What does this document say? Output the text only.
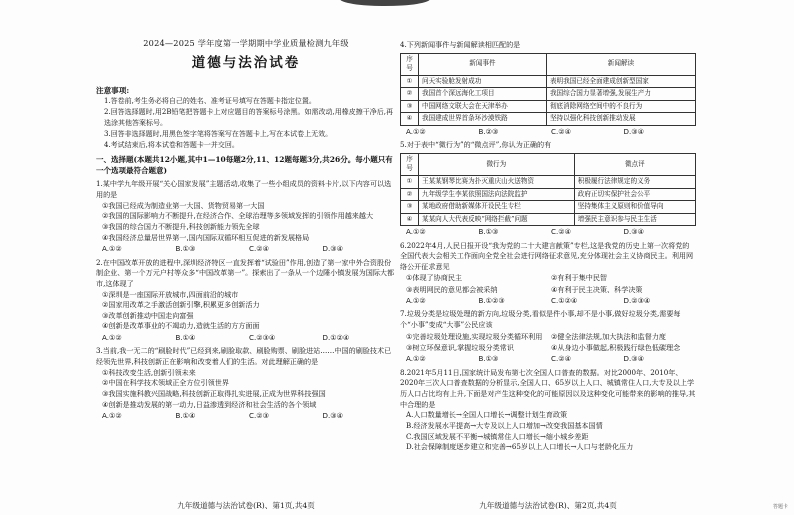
2024—2025 学年度第一学期期中学业质量检测九年级
道德与法治试卷
注意事项:
1.答卷前,考生务必将自己的姓名、准考证号填写在答题卡指定位置。
2.回答选择题时,用2B铅笔把答题卡上对应题目的答案标号涂黑。如需改动,用橡皮擦干净后,再选涂其他答案标号。
3.回答非选择题时,用黑色签字笔将答案写在答题卡上,写在本试卷上无效。
4.考试结束后,将本试卷和答题卡一并交回。
一、选择题(本题共12小题,其中1—10每题2分,11、12题每题3分,共26分。每小题只有一个选项最符合题意)
1.某中学九年级开展“关心国家发展”主题活动,收集了一些小组成员的资料卡片,以下内容可以选用的是
①我国已经成为制造业第一大国、货物贸易第一大国
②我国的国际影响力不断提升,在经济合作、全球治理等多领域发挥的引领作用越来越大
③我国的综合国力不断提升,科技创新能力领先全球
④我国经济总量居世界第一,国内国际双循环相互促进的新发展格局
A.①②	B.①③	C.②④	D.③④
2.在中国改革开放的进程中,深圳经济特区一直发挥着“试验田”作用,创造了第一家中外合资股份制企业、第一个万元户村等众多“中国改革第一”。探索出了一条从一个边陲小镇发展为国际大都市,这体现了
①深圳是一座国际开放城市,四面前沿的城市
②国家用改革之手激活创新引擎,积累更多创新活力
③改革创新推动中国走向富强
④创新是改革事业的不竭动力,造就生活的方方面面
A.①②	B.①④	C.②③④	D.①②④
3.当前,我一无二的“刷脸时代”已经到来,刷脸取款、刷脸购票、刷脸进站……中国的刷脸技术已经领先世界,科技创新正在影响和改变着人们的生活。对此理解正确的是
①科技改变生活,创新引领未来
②中国在科学技术领域正全方位引领世界
③我国实施科教兴国战略,科技创新正取得扎实进展,正成为世界科技强国
④创新是推动发展的第一动力,日益渗透到经济和社会生活的各个领域
A.①②	B.①④	C.②③	D.③④
九年级道德与法治试卷(R)、第1页,共4页
4.下列新闻事件与新闻解读相匹配的是
序号	新闻事件	新闻解读
①	问天实验舱发射成功	表明我国已经全面建成创新型国家
②	我国首个深远海化工项目	我国综合国力显著增强,发展生产力
③	中国网络文联大会在天津举办	彻底消除网络空间中的不良行为
④	我国建成世界首条环沙漠铁路	坚持以强化科技创新推动发展
A.①②	B.②③	C.②④	D.③④
5.对于表中“微行为”的“微点评”,你认为正确的有
序号	微行为	微点评
①	王某某钢琴比赛为扑灭重庆山火送物资	积极履行法律规定的义务
②	九年级学生李某依照国法向法院监护	政府正切实保护社会公平
③	某地政府借助新媒体开设民生专栏	坚持集体主义原则和价值导向
④	某某向人大代表反映“网络拦截”问题	增强民主意识参与民主生活
A.①②	B.①③	C.②④	D.③④
6.2022年4月,人民日报开设“我为党的二十大建言献策”专栏,这是我党的历史上第一次将党的全国代表大会相关工作面向全党全社会进行网络征求意见,充分体现社会主义协商民主。利用网络公开征求意见
①体现了协商民主	②有利于集中民智
③表明网民的意见都会被采纳	④有利于民主决策、科学决策
A.①②	B.①②③	C.①②④	D.②③④
7.垃圾分类是垃圾处理的新方向,垃圾分类,看似是件小事,却不是小事,做好垃圾分类,需要每个“小事”变成“大事”公民应该
①完善垃圾处理设施,实现垃圾分类循环利用	②健全法律法规,加大执法和监督力度
③树立环保意识,掌握垃圾分类常识	④从身边小事做起,积极践行绿色低碳理念
A.①②	B.①③	C.②④	D.③④
8.2021年5月11日,国家统计局发布第七次全国人口普查的数据。对比2000年、2010年、2020年三次人口普查数据的分析显示,全国人口、65岁以上人口、城镇常住人口,大专及以上学历人口占比均有上升,下面是对产生这种变化的可能原因以及这种变化可能带来的影响的推导,其中合理的是
A.人口数量增长→全国人口增长→调整计划生育政策
B.经济发展水平提高→大专及以上人口增加→改变我国基本国情
C.我国区域发展不平衡→城镇常住人口增长→缩小城乡差距
D.社会保障制度逐步建立和完善→65岁以上人口增长→人口与老龄化压力
九年级道德与法治试卷(R)、第2页,共4页	答题卡
